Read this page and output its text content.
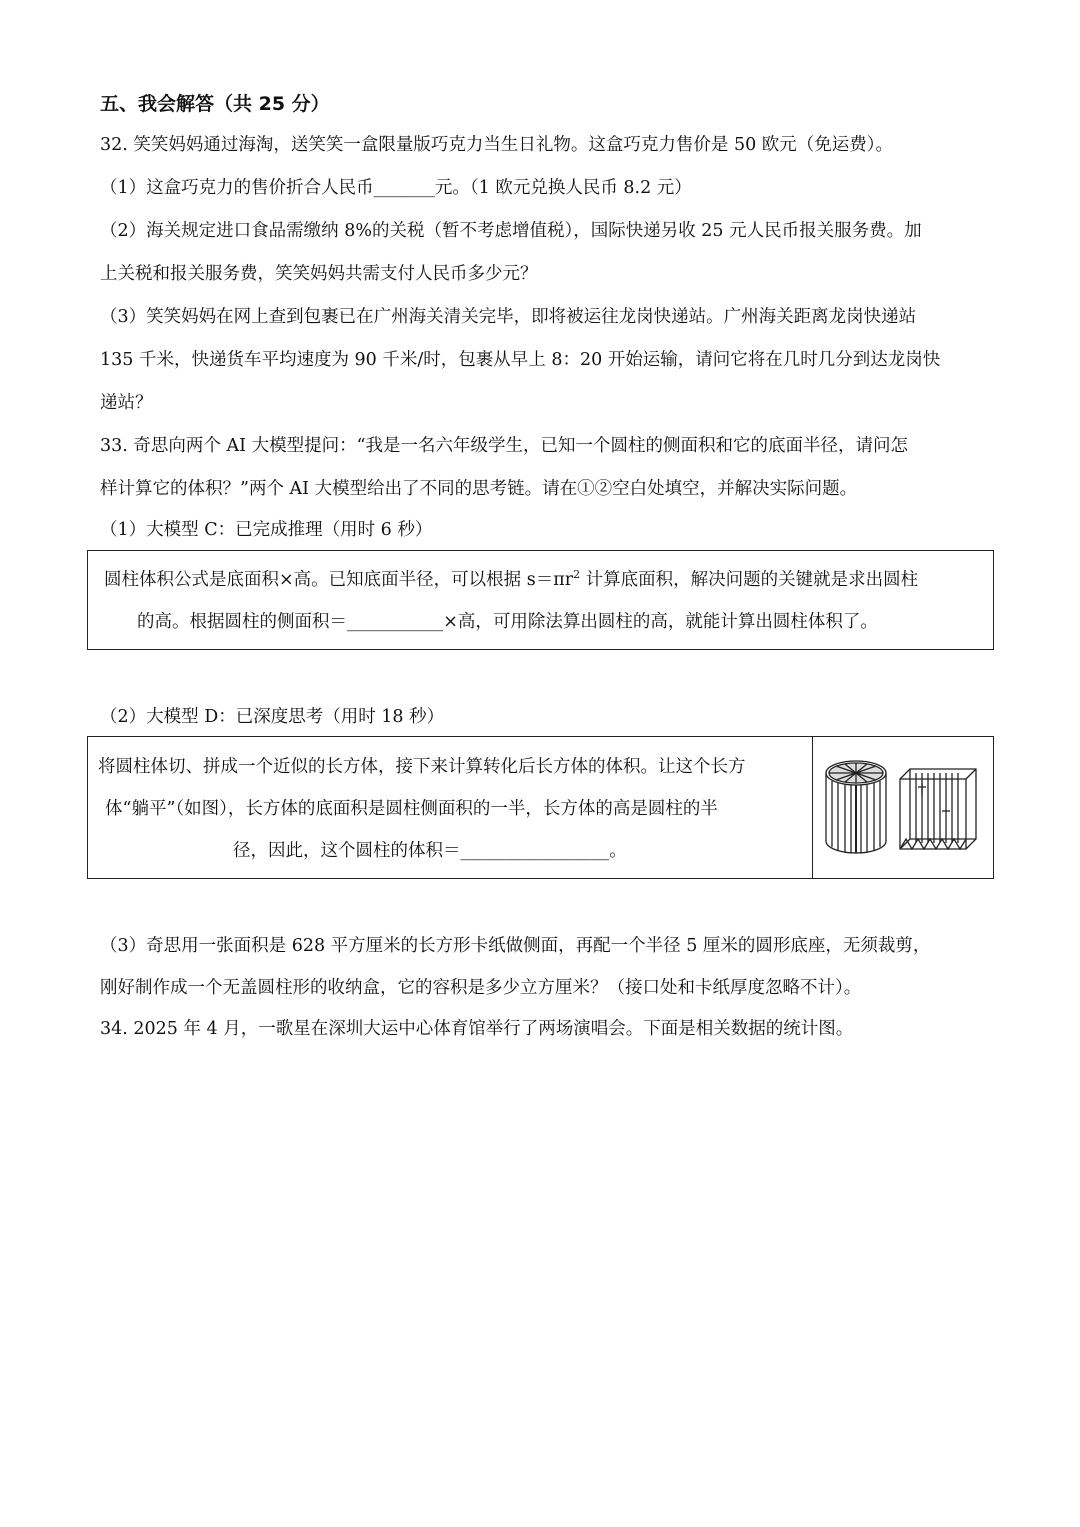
五、我会解答（共 25 分）
32. 笑笑妈妈通过海淘，送笑笑一盒限量版巧克力当生日礼物。这盒巧克力售价是 50 欧元（免运费）。
（1）这盒巧克力的售价折合人民币_______元。（1 欧元兑换人民币 8.2 元）
（2）海关规定进口食品需缴纳 8%的关税（暂不考虑增值税），国际快递另收 25 元人民币报关服务费。加
上关税和报关服务费，笑笑妈妈共需支付人民币多少元？
（3）笑笑妈妈在网上查到包裹已在广州海关清关完毕，即将被运往龙岗快递站。广州海关距离龙岗快递站
135 千米，快递货车平均速度为 90 千米/时，包裹从早上 8：20 开始运输，请问它将在几时几分到达龙岗快
递站？
33. 奇思向两个 AI 大模型提问：“我是一名六年级学生，已知一个圆柱的侧面积和它的底面半径，请问怎
样计算它的体积？”两个 AI 大模型给出了不同的思考链。请在①②空白处填空，并解决实际问题。
（1）大模型 C：已完成推理（用时 6 秒）
圆柱体积公式是底面积×高。已知底面半径，可以根据 $s=\pi r^2$ 计算底面积，解决问题的关键就是求出圆柱
的高。根据圆柱的侧面积＝___________×高，可用除法算出圆柱的高，就能计算出圆柱体积了。
（2）大模型 D：已深度思考（用时 18 秒）
将圆柱体切、拼成一个近似的长方体，接下来计算转化后长方体的体积。让这个长方
体“躺平”（如图），长方体的底面积是圆柱侧面积的一半，长方体的高是圆柱的半
径，因此，这个圆柱的体积＝_________________。
（3）奇思用一张面积是 628 平方厘米的长方形卡纸做侧面，再配一个半径 5 厘米的圆形底座，无须裁剪，
刚好制作成一个无盖圆柱形的收纳盒，它的容积是多少立方厘米？（接口处和卡纸厚度忽略不计）。
34. 2025 年 4 月，一歌星在深圳大运中心体育馆举行了两场演唱会。下面是相关数据的统计图。
